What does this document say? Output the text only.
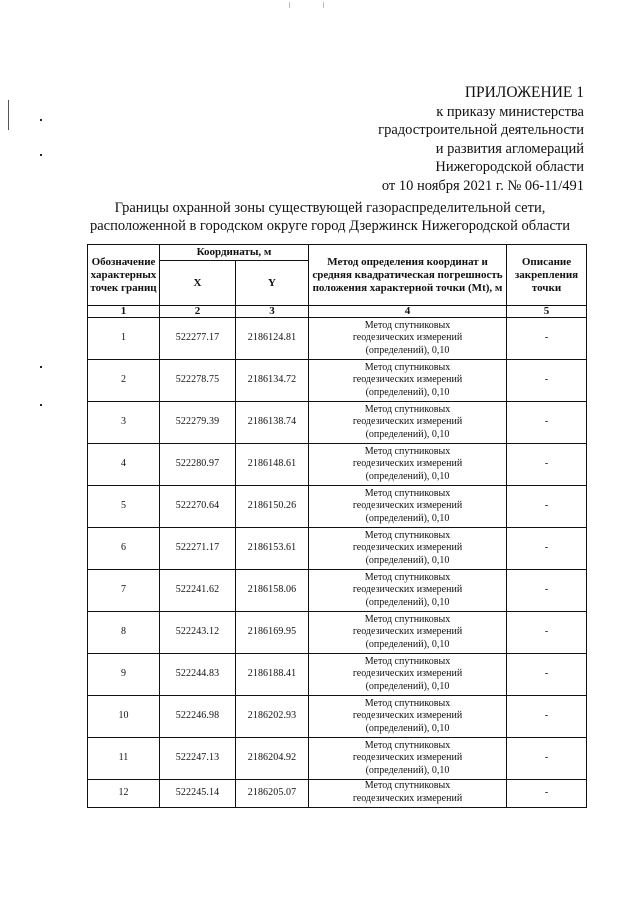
ПРИЛОЖЕНИЕ 1
к приказу министерства
градостроительной деятельности
и развития агломераций
Нижегородской области
от 10 ноября 2021 г. № 06-11/491
Границы охранной зоны существующей газораспределительной сети,
расположенной в городском округе город Дзержинск Нижегородской области
Обозначение характерных точек границ	Координаты, м		Метод определения координат и средняя квадратическая погрешность положения характерной точки (Mt), м	Описание закрепления точки
	X	Y		
1	2	3	4	5
1	522277.17	2186124.81	Метод спутниковых
геодезических измерений
(определений), 0,10	-
2	522278.75	2186134.72	Метод спутниковых
геодезических измерений
(определений), 0,10	-
3	522279.39	2186138.74	Метод спутниковых
геодезических измерений
(определений), 0,10	-
4	522280.97	2186148.61	Метод спутниковых
геодезических измерений
(определений), 0,10	-
5	522270.64	2186150.26	Метод спутниковых
геодезических измерений
(определений), 0,10	-
6	522271.17	2186153.61	Метод спутниковых
геодезических измерений
(определений), 0,10	-
7	522241.62	2186158.06	Метод спутниковых
геодезических измерений
(определений), 0,10	-
8	522243.12	2186169.95	Метод спутниковых
геодезических измерений
(определений), 0,10	-
9	522244.83	2186188.41	Метод спутниковых
геодезических измерений
(определений), 0,10	-
10	522246.98	2186202.93	Метод спутниковых
геодезических измерений
(определений), 0,10	-
11	522247.13	2186204.92	Метод спутниковых
геодезических измерений
(определений), 0,10	-
12	522245.14	2186205.07	Метод спутниковых
геодезических измерений	-
